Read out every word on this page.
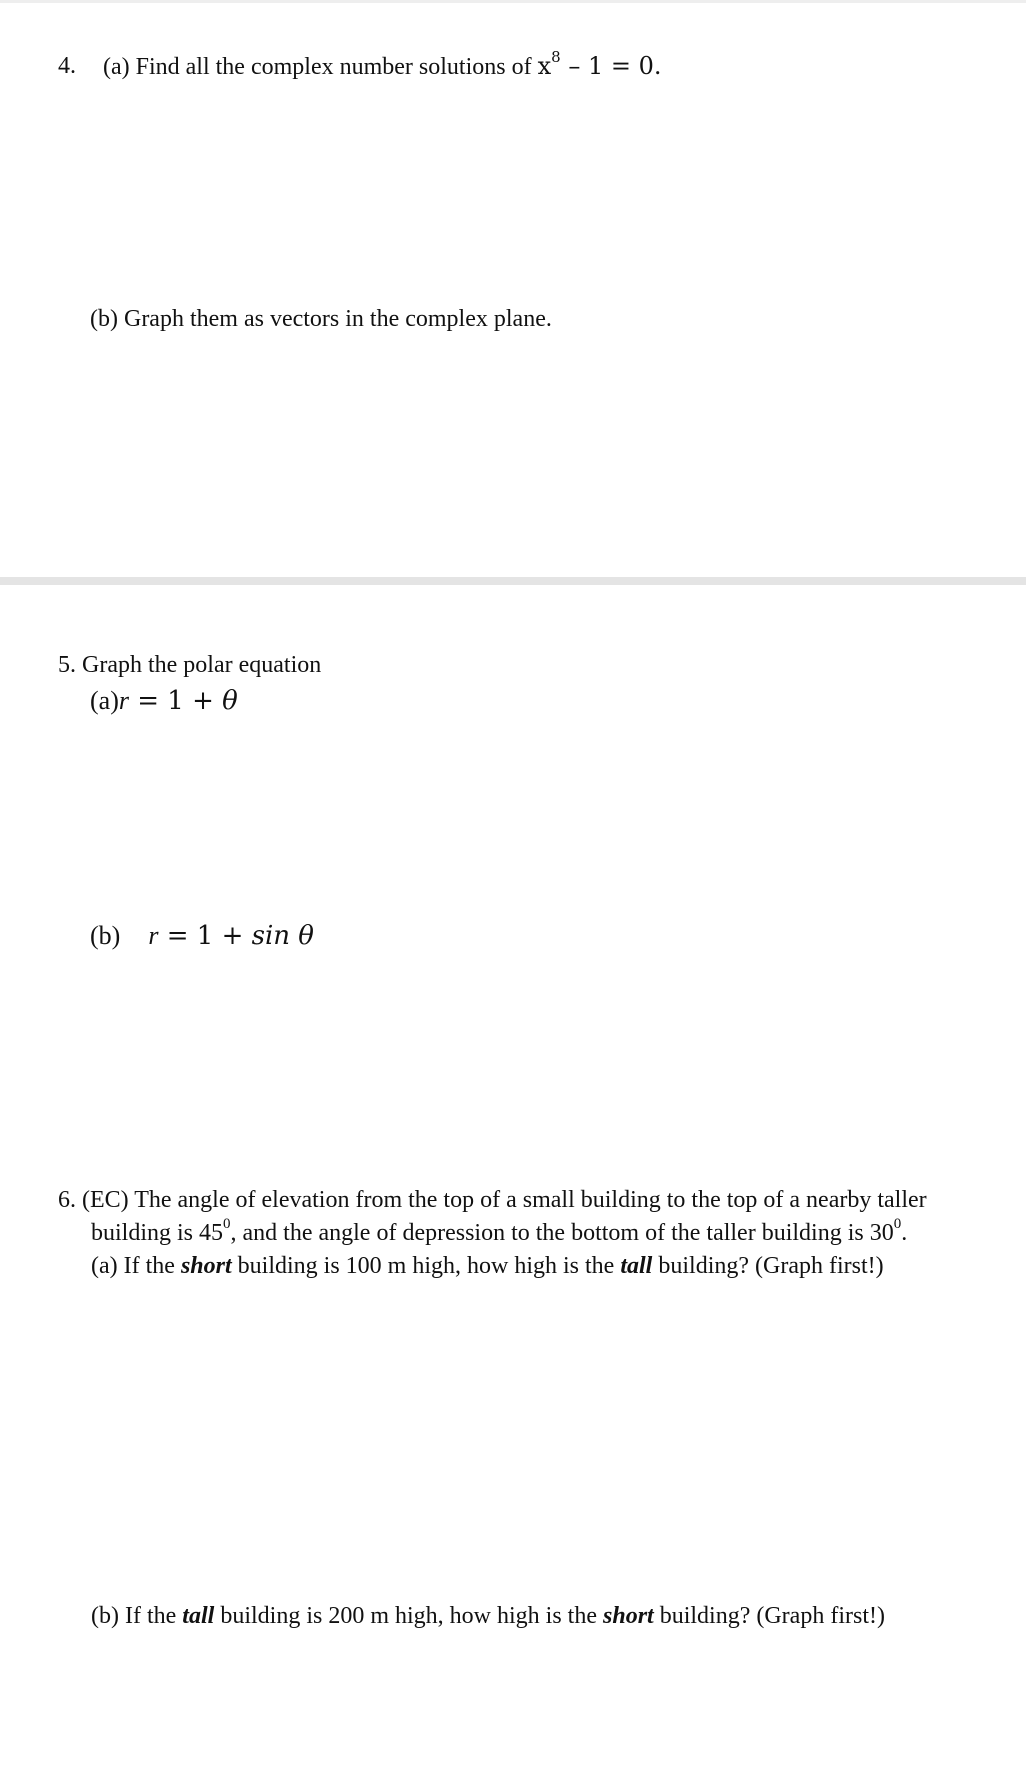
4. (a) Find all the complex number solutions of $x^8 - 1 = 0$.
(b) Graph them as vectors in the complex plane.
5. Graph the polar equation
(a)r = 1 + θ
(b) r = 1 + sin θ
6. (EC) The angle of elevation from the top of a small building to the top of a nearby taller
building is $45^0$, and the angle of depression to the bottom of the taller building is $30^0$.
(a) If the short building is 100 m high, how high is the tall building? (Graph first!)
(b) If the tall building is 200 m high, how high is the short building? (Graph first!)
